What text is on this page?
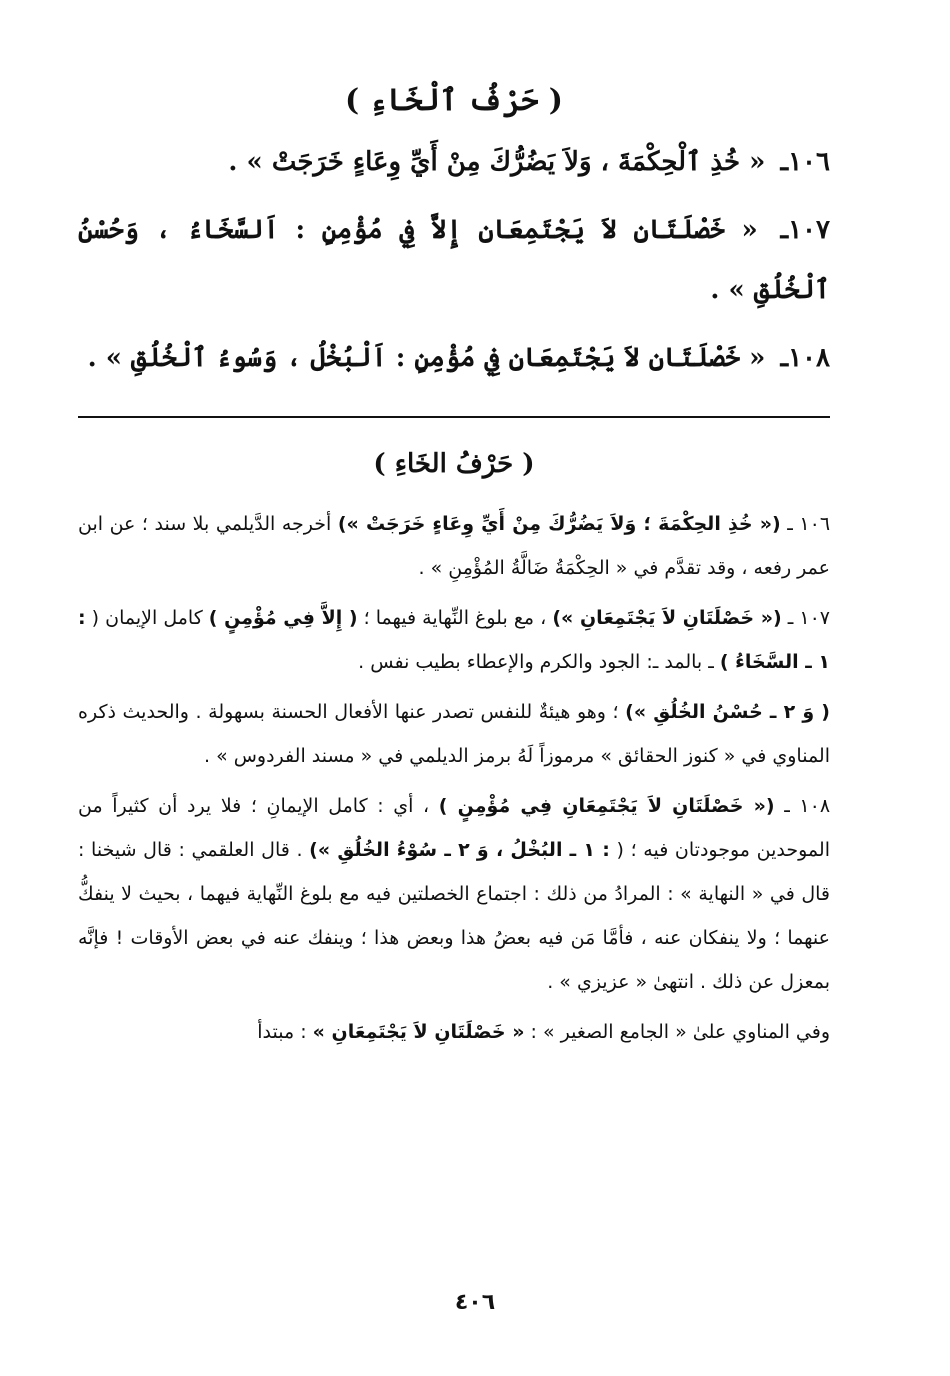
( حَرْفُ ٱلْخَاءِ )

١٠٦ـ « خُذِ ٱلْحِكْمَةَ ، وَلاَ يَضُرُّكَ مِنْ أَيِّ وِعَاءٍ خَرَجَتْ » .

١٠٧ـ « خَصْلَتَانِ لاَ يَجْتَمِعَانِ إِلاَّ فِي مُؤْمِنٍ : اَلسَّخَاءُ ، وَحُسْنُ ٱلْخُلُقِ » .

١٠٨ـ « خَصْلَتَانِ لاَ يَجْتَمِعَانِ فِي مُؤْمِنٍ : اَلْبُخْلُ ، وَسُوءُ ٱلْخُلُقِ » .

( حَرْفُ الخَاءِ )

١٠٦ ـ (« خُذِ الحِكْمَةَ ؛ وَلاَ يَضُرُّكَ مِنْ أَيِّ وِعَاءٍ خَرَجَتْ ») أخرجه الدَّيلمي بلا سند ؛ عن ابن عمر رفعه ، وقد تقدَّم في « الحِكْمَةُ ضَالَّةُ المُؤْمِنِ » .

١٠٧ ـ (« خَصْلَتَانِ لاَ يَجْتَمِعَانِ ») ، مع بلوغ النِّهاية فيهما ؛ ( إِلاَّ فِي مُؤْمِنٍ ) كامل الإيمان ( : ١ ـ السَّخَاءُ ) ـ بالمد ـ: الجود والكرم والإعطاء بطيب نفس .

( وَ ٢ ـ حُسْنُ الخُلُقِ ») ؛ وهو هيئةٌ للنفس تصدر عنها الأفعال الحسنة بسهولة . والحديث ذكره المناوي في « كنوز الحقائق » مرموزاً لَهُ برمز الديلمي في « مسند الفردوس » .

١٠٨ ـ (« خَصْلَتَانِ لاَ يَجْتَمِعَانِ فِي مُؤْمِنٍ ) ، أي : كامل الإيمانِ ؛ فلا يرد أن كثيراً من الموحدين موجودتان فيه ؛ ( : ١ ـ البُخْلُ ، وَ ٢ ـ سُوْءُ الخُلُقِ ») . قال العلقمي : قال شيخنا : قال في « النهاية » : المرادُ من ذلك : اجتماع الخصلتين فيه مع بلوغ النِّهاية فيهما ، بحيث لا ينفكُّ عنهما ؛ ولا ينفكان عنه ، فأمَّا مَن فيه بعضُ هذا وبعض هذا ؛ وينفك عنه في بعض الأوقات ! فإنَّه بمعزل عن ذلك . انتهىٰ « عزيزي » .

وفي المناوي علىٰ « الجامع الصغير » : « خَصْلَتَانِ لاَ يَجْتَمِعَانِ » : مبتدأ

٤٠٦
